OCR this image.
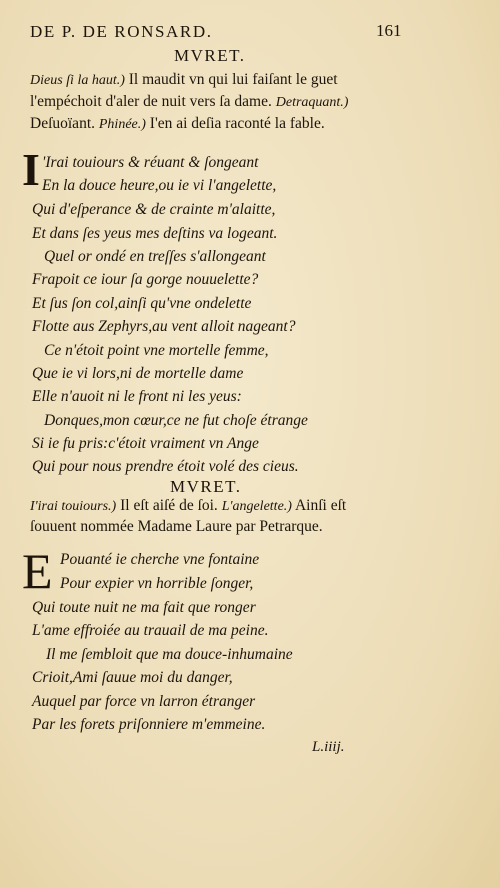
DE P. DE RONSARD.	161
MVRET.
Dieus ſi la haut.) Il maudit vn qui lui faiſant le guet
l'empéchoit d'aler de nuit vers ſa dame. Detraquant.)
Deſuoïant. Phinée.) I'en ai deſia raconté la fable.
I 'Irai touiours & réuant & ſongeant
En la douce heure,ou ie vi l'angelette,
Qui d'eſperance & de crainte m'alaitte,
Et dans ſes yeus mes deſtins va logeant.
Quel or ondé en treſſes s'allongeant
Frapoit ce iour ſa gorge nouuelette?
Et ſus ſon col,ainſi qu'vne ondelette
Flotte aus Zephyrs,au vent alloit nageant?
Ce n'étoit point vne mortelle femme,
Que ie vi lors,ni de mortelle dame
Elle n'auoit ni le front ni les yeus:
Donques,mon cœur,ce ne fut choſe étrange
Si ie fu pris:c'étoit vraiment vn Ange
Qui pour nous prendre étoit volé des cieus.
MVRET.
I'irai touiours.) Il eſt aiſé de ſoi. L'angelette.) Ainſi eſt
ſouuent nommée Madame Laure par Petrarque.
E Pouanté ie cherche vne fontaine
Pour expier vn horrible ſonger,
Qui toute nuit ne ma fait que ronger
L'ame effroiée au trauail de ma peine.
Il me ſembloit que ma douce-inhumaine
Crioit,Ami ſauue moi du danger,
Auquel par force vn larron étranger
Par les forets priſonniere m'emmeine.
L.iiij.
